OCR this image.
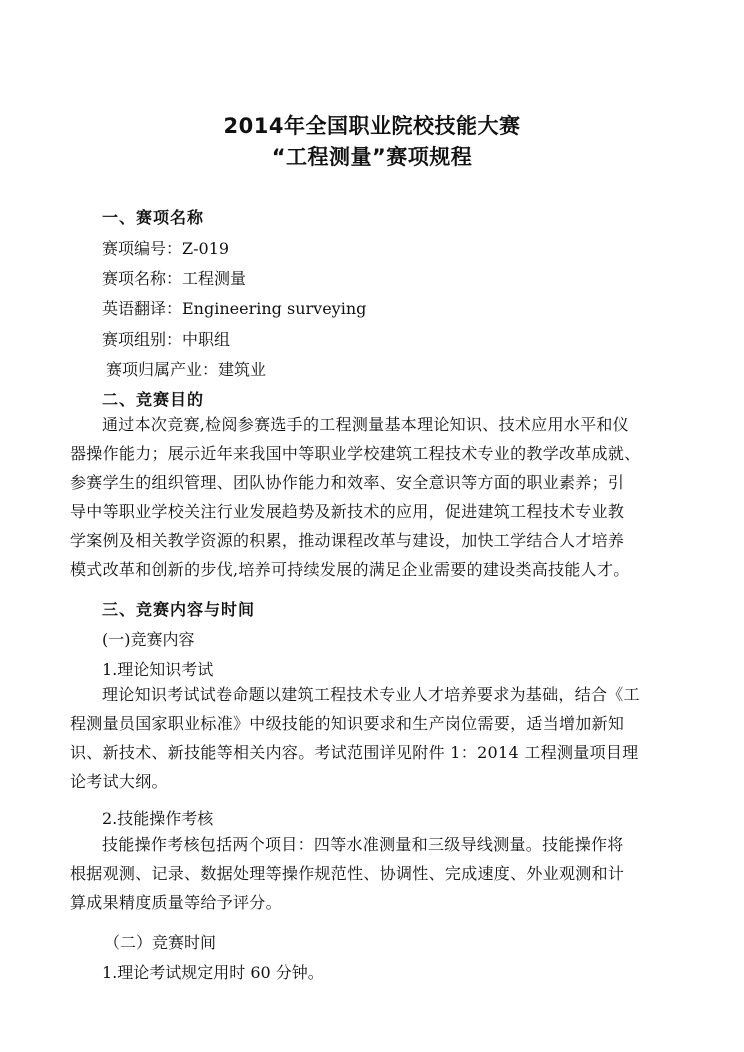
2014年全国职业院校技能大赛
“工程测量”赛项规程
一、赛项名称
赛项编号：Z-019
赛项名称：工程测量
英语翻译：Engineering surveying
赛项组别：中职组
赛项归属产业：建筑业
二、竞赛目的
通过本次竞赛,检阅参赛选手的工程测量基本理论知识、技术应用水平和仪
器操作能力；展示近年来我国中等职业学校建筑工程技术专业的教学改革成就、
参赛学生的组织管理、团队协作能力和效率、安全意识等方面的职业素养；引
导中等职业学校关注行业发展趋势及新技术的应用，促进建筑工程技术专业教
学案例及相关教学资源的积累，推动课程改革与建设，加快工学结合人才培养
模式改革和创新的步伐,培养可持续发展的满足企业需要的建设类高技能人才。
三、竞赛内容与时间
(一)竞赛内容
1.理论知识考试
理论知识考试试卷命题以建筑工程技术专业人才培养要求为基础，结合《工
程测量员国家职业标准》中级技能的知识要求和生产岗位需要，适当增加新知
识、新技术、新技能等相关内容。考试范围详见附件 1：2014 工程测量项目理
论考试大纲。
2.技能操作考核
技能操作考核包括两个项目：四等水准测量和三级导线测量。技能操作将
根据观测、记录、数据处理等操作规范性、协调性、完成速度、外业观测和计
算成果精度质量等给予评分。
（二）竞赛时间
1.理论考试规定用时 60 分钟。
